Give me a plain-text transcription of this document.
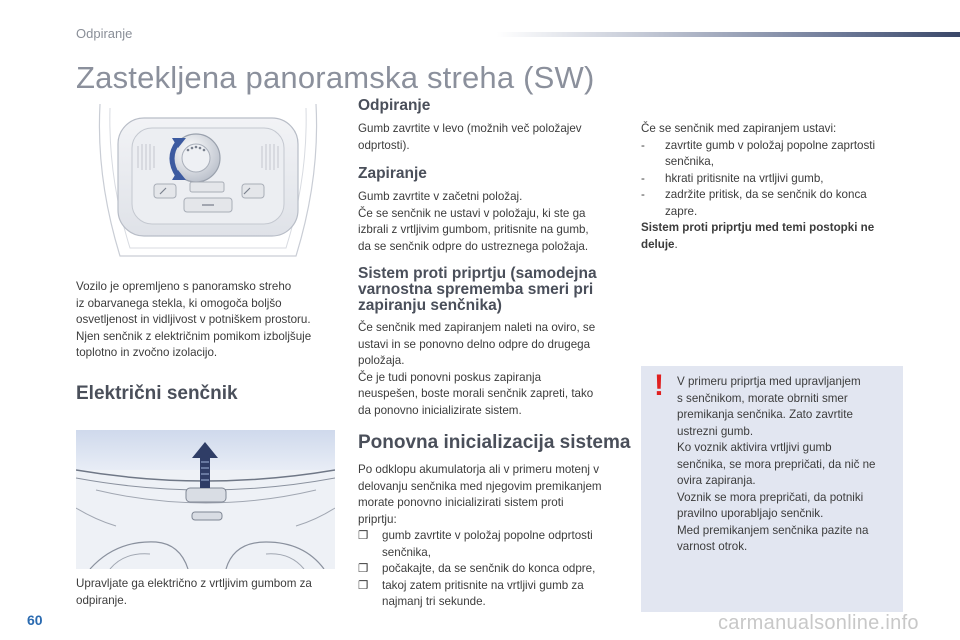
Odpiranje
Zastekljena panoramska streha (SW)
Vozilo je opremljeno s panoramsko streho
iz obarvanega stekla, ki omogoča boljšo
osvetljenost in vidljivost v potniškem prostoru.
Njen senčnik z električnim pomikom izboljšuje
toplotno in zvočno izolacijo.
Električni senčnik
Upravljate ga električno z vrtljivim gumbom za
odpiranje.
Odpiranje
Gumb zavrtite v levo (možnih več položajev
odprtosti).
Zapiranje
Gumb zavrtite v začetni položaj.
Če se senčnik ne ustavi v položaju, ki ste ga
izbrali z vrtljivim gumbom, pritisnite na gumb,
da se senčnik odpre do ustreznega položaja.
Sistem proti priprtju (samodejna
varnostna sprememba smeri pri
zapiranju senčnika)
Če senčnik med zapiranjem naleti na oviro, se
ustavi in se ponovno delno odpre do drugega
položaja.
Če je tudi ponovni poskus zapiranja
neuspešen, boste morali senčnik zapreti, tako
da ponovno inicializirate sistem.
Ponovna inicializacija sistema
Po odklopu akumulatorja ali v primeru motenj v
delovanju senčnika med njegovim premikanjem
morate ponovno inicializirati sistem proti
priprtju:
❐ gumb zavrtite v položaj popolne odprtosti
senčnika,
❐ počakajte, da se senčnik do konca odpre,
❐ takoj zatem pritisnite na vrtljivi gumb za
najmanj tri sekunde.
Če se senčnik med zapiranjem ustavi:
- zavrtite gumb v položaj popolne zaprtosti
senčnika,
- hkrati pritisnite na vrtljivi gumb,
- zadržite pritisk, da se senčnik do konca
zapre.
Sistem proti priprtju med temi postopki ne
deluje.
! V primeru priprtja med upravljanjem
s senčnikom, morate obrniti smer
premikanja senčnika. Zato zavrtite
ustrezni gumb.
Ko voznik aktivira vrtljivi gumb
senčnika, se mora prepričati, da nič ne
ovira zapiranja.
Voznik se mora prepričati, da potniki
pravilno uporabljajo senčnik.
Med premikanjem senčnika pazite na
varnost otrok.
60	carmanualsonline.info
